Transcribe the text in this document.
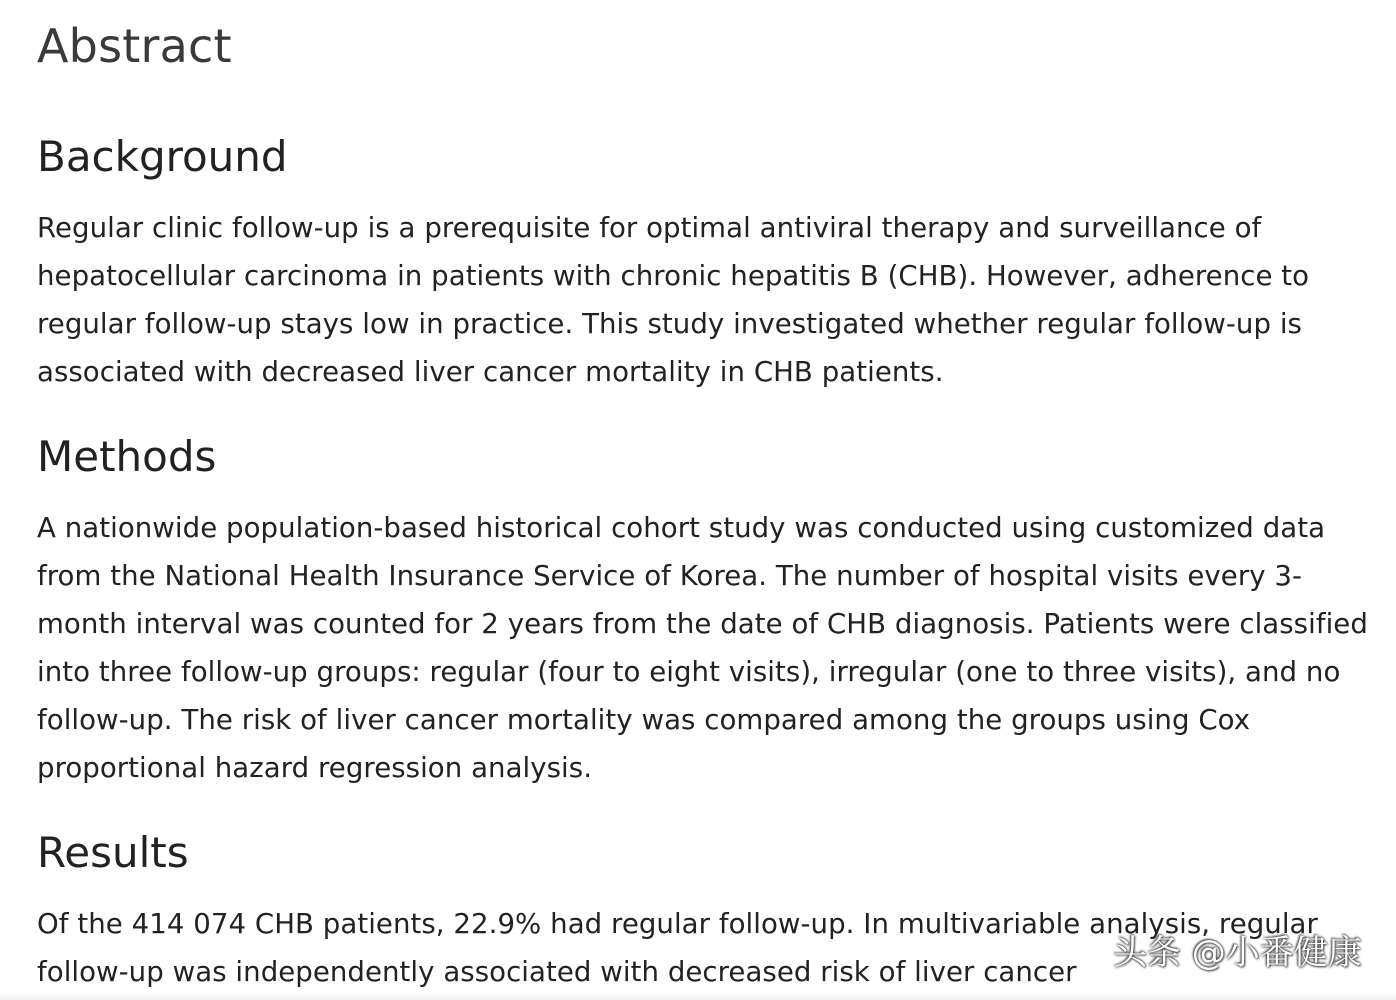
Abstract
Background

Regular clinic follow-up is a prerequisite for optimal antiviral therapy and surveillance of hepatocellular carcinoma in patients with chronic hepatitis B (CHB). However, adherence to regular follow-up stays low in practice. This study investigated whether regular follow-up is associated with decreased liver cancer mortality in CHB patients.

Methods

A nationwide population-based historical cohort study was conducted using customized data from the National Health Insurance Service of Korea. The number of hospital visits every 3-month interval was counted for 2 years from the date of CHB diagnosis. Patients were classified into three follow-up groups: regular (four to eight visits), irregular (one to three visits), and no follow-up. The risk of liver cancer mortality was compared among the groups using Cox proportional hazard regression analysis.

Results

Of the 414 074 CHB patients, 22.9% had regular follow-up. In multivariable analysis, regular follow-up was independently associated with decreased risk of liver cancer	头条 @小番健康
